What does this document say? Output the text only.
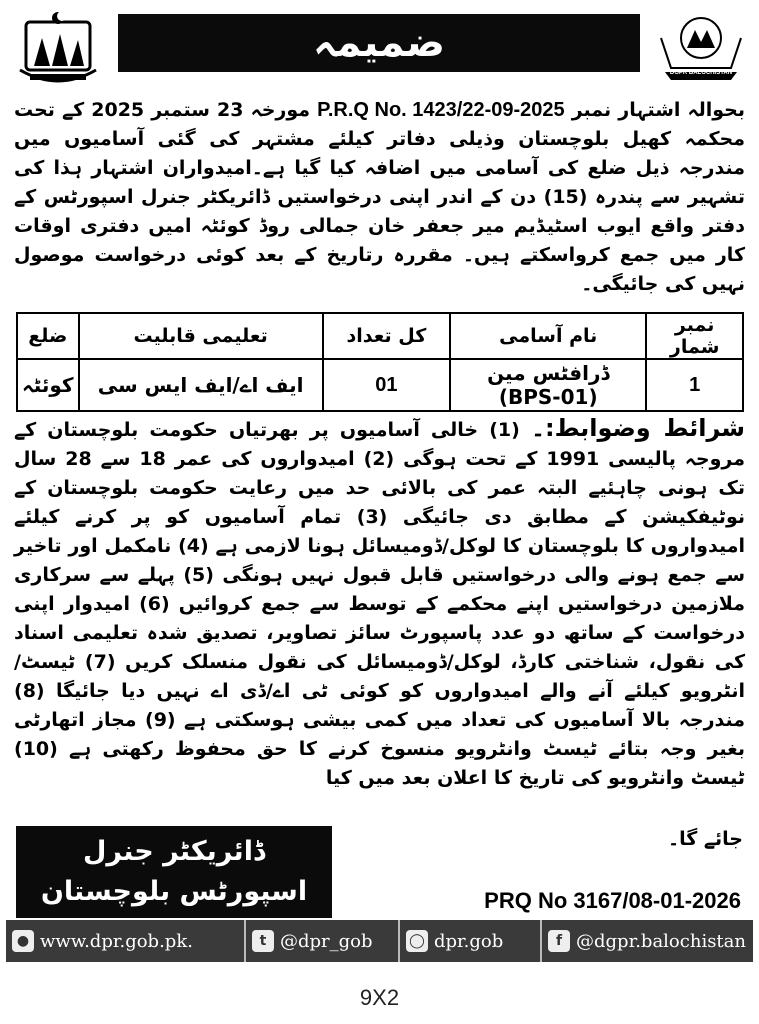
ضمیمہ
DGPR BALOCHISTAN
بحوالہ اشتہار نمبر P.R.Q No. 1423/22-09-2025 مورخہ 23 ستمبر 2025 کے تحت محکمہ کھیل بلوچستان وذیلی دفاتر کیلئے مشتہر کی گئی آسامیوں میں مندرجہ ذیل ضلع کی آسامی میں اضافہ کیا گیا ہے۔امیدواران اشتہار ہذا کی تشہیر سے پندرہ (15) دن کے اندر اپنی درخواستیں ڈائریکٹر جنرل اسپورٹس کے دفتر واقع ایوب اسٹیڈیم میر جعفر خان جمالی روڈ کوئٹہ امیں دفتری اوقات کار میں جمع کرواسکتے ہیں۔ مقررہ رتاریخ کے بعد کوئی درخواست موصول نہیں کی جائیگی۔
نمبر شمار	نام آسامی	کل تعداد	تعلیمی قابلیت	ضلع
1	ڈرافٹس مین (BPS-01)	01	ایف اے/ایف ایس سی	کوئٹہ
شرائط وضوابط:۔ (1) خالی آسامیوں پر بھرتیاں حکومت بلوچستان کے مروجہ پالیسی 1991 کے تحت ہوگی (2) امیدواروں کی عمر 18 سے 28 سال تک ہونی چاہئیے البتہ عمر کی بالائی حد میں رعایت حکومت بلوچستان کے نوٹیفکیشن کے مطابق دی جائیگی (3) تمام آسامیوں کو پر کرنے کیلئے امیدواروں کا بلوچستان کا لوکل/ڈومیسائل ہونا لازمی ہے (4) نامکمل اور تاخیر سے جمع ہونے والی درخواستیں قابل قبول نہیں ہونگی (5) پہلے سے سرکاری ملازمین درخواستیں اپنے محکمے کے توسط سے جمع کروائیں (6) امیدوار اپنی درخواست کے ساتھ دو عدد پاسپورٹ سائز تصاویر، تصدیق شدہ تعلیمی اسناد کی نقول، شناختی کارڈ، لوکل/ڈومیسائل کی نقول منسلک کریں (7) ٹیسٹ/انٹرویو کیلئے آنے والے امیدواروں کو کوئی ٹی اے/ڈی اے نہیں دیا جائیگا (8) مندرجہ بالا آسامیوں کی تعداد میں کمی بیشی ہوسکتی ہے (9) مجاز اتھارٹی بغیر وجہ بتائے ٹیسٹ وانٹرویو منسوخ کرنے کا حق محفوظ رکھتی ہے (10) ٹیسٹ وانٹرویو کی تاریخ کا اعلان بعد میں کیا
جائے گا۔
ڈائریکٹر جنرل
اسپورٹس بلوچستان	PRQ No 3167/08-01-2026
● www.dpr.gob.pk.	t @dpr_gob	◯ dpr.gob	f @dgpr.balochistan
9X2
